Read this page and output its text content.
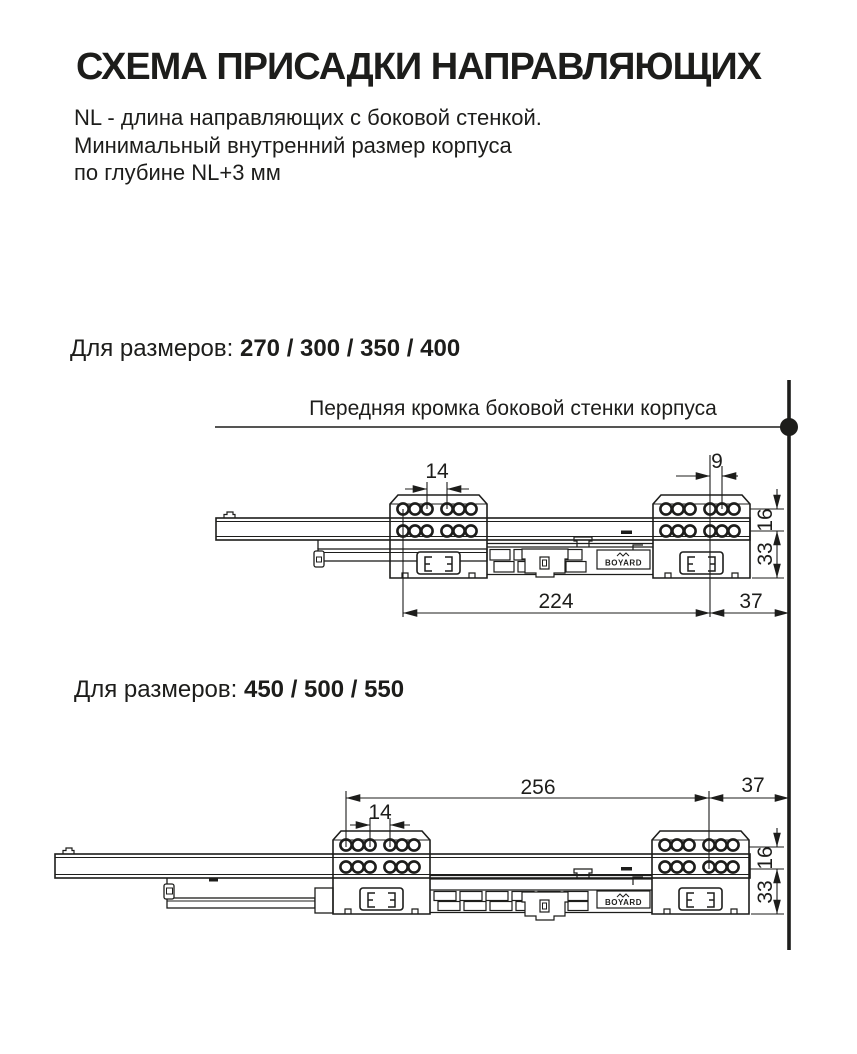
СХЕМА ПРИСАДКИ НАПРАВЛЯЮЩИХ
NL - длина направляющих с боковой стенкой.
Минимальный внутренний размер корпуса
по глубине NL+3 мм
Для размеров: 270 / 300 / 350 / 400
Для размеров: 450 / 500 / 550
Передняя кромка боковой стенки корпуса
BOYARD
BOYARD
14	9
16
33
224	37
256	37
14
16
33
